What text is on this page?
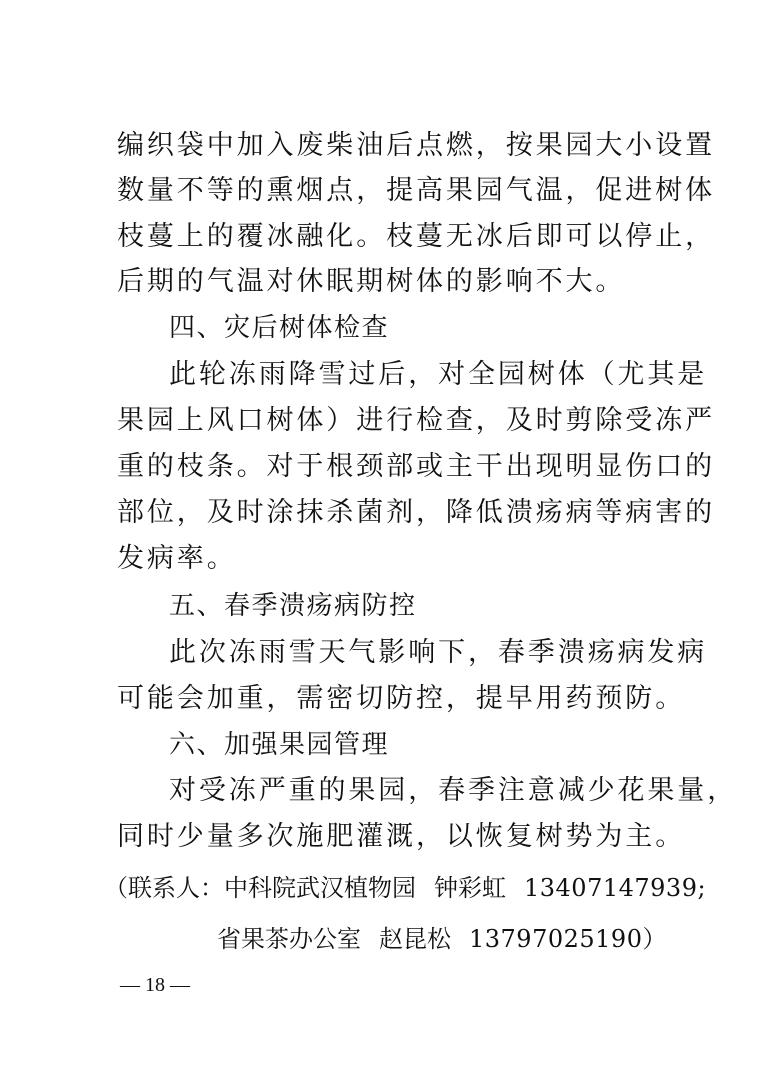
编织袋中加入废柴油后点燃，按果园大小设置
数量不等的熏烟点，提高果园气温，促进树体
枝蔓上的覆冰融化。枝蔓无冰后即可以停止，
后期的气温对休眠期树体的影响不大。
四、灾后树体检查
此轮冻雨降雪过后，对全园树体（尤其是
果园上风口树体）进行检查，及时剪除受冻严
重的枝条。对于根颈部或主干出现明显伤口的
部位，及时涂抹杀菌剂，降低溃疡病等病害的
发病率。
五、春季溃疡病防控
此次冻雨雪天气影响下，春季溃疡病发病
可能会加重，需密切防控，提早用药预防。
六、加强果园管理
对受冻严重的果园，春季注意减少花果量，
同时少量多次施肥灌溉，以恢复树势为主。
（联系人：中科院武汉植物园 钟彩虹 13407147939;
省果茶办公室 赵昆松 13797025190）
— 18 —
